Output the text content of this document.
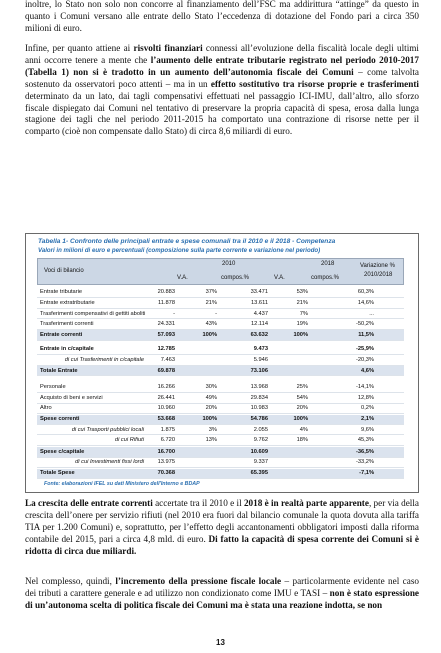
inoltre, lo Stato non solo non concorre al finanziamento dell’FSC ma addirittura “attinge” da questo in quanto i Comuni versano alle entrate dello Stato l’eccedenza di dotazione del Fondo pari a circa 350 milioni di euro.

Infine, per quanto attiene ai risvolti finanziari connessi all’evoluzione della fiscalità locale degli ultimi anni occorre tenere a mente che l’aumento delle entrate tributarie registrato nel periodo 2010-2017 (Tabella 1) non si è tradotto in un aumento dell’autonomia fiscale dei Comuni – come talvolta sostenuto da osservatori poco attenti – ma in un effetto sostitutivo tra risorse proprie e trasferimenti determinato da un lato, dai tagli compensativi effettuati nel passaggio ICI-IMU, dall’altro, allo sforzo fiscale dispiegato dai Comuni nel tentativo di preservare la propria capacità di spesa, erosa dalla lunga stagione dei tagli che nel periodo 2011-2015 ha comportato una contrazione di risorse nette per il comparto (cioè non compensate dallo Stato) di circa 8,6 miliardi di euro.

Tabella 1- Confronto delle principali entrate e spese comunali tra il 2010 e il 2018 - Competenza
Valori in milioni di euro e percentuali (composizione sulla parte corrente e variazione nel periodo)
Voci di bilancio
2010	2018
V.A.	compos.%	V.A.	compos.%
Variazione %
2010/2018
Entrate tributarie	20.883	37%	33.471	53%	60,3%
Entrate extratributarie	11.878	21%	13.611	21%	14,6%
Trasferimenti compensativi di gettiti aboliti	-	-	4.437	7%	...
Trasferimenti correnti	24.331	43%	12.114	19%	-50,2%
Entrate correnti	57.093	100%	63.632	100%	11,5%
Entrate in c/capitale	12.785	9.473	-25,9%
di cui Trasferimenti in c/capitale	7.463	5.946	-20,3%
Totale Entrate	69.878	73.106	4,6%
Personale	16.266	30%	13.968	25%	-14,1%
Acquisto di beni e servizi	26.441	49%	29.834	54%	12,8%
Altro	10.960	20%	10.983	20%	0,2%
Spese correnti	53.668	100%	54.786	100%	2,1%
di cui Trasporti pubblici locali	1.875	3%	2.055	4%	9,6%
di cui Rifiuti	6.720	13%	9.762	18%	45,3%
Spese c/capitale	16.700	10.609	-36,5%
di cui Investimenti fissi lordi 13.975	9.337	-33,2%
Totale Spese	70.368	65.395	-7,1%
Fonte: elaborazioni IFEL su dati Ministero dell'Interno e BDAP

La crescita delle entrate correnti accertate tra il 2010 e il 2018 è in realtà parte apparente, per via della crescita dell’onere per servizio rifiuti (nel 2010 era fuori dal bilancio comunale la quota dovuta alla tariffa TIA per 1.200 Comuni) e, soprattutto, per l’effetto degli accantonamenti obbligatori imposti dalla riforma contabile del 2015, pari a circa 4,8 mld. di euro. Di fatto la capacità di spesa corrente dei Comuni si è ridotta di circa due miliardi.

Nel complesso, quindi, l’incremento della pressione fiscale locale – particolarmente evidente nel caso dei tributi a carattere generale e ad utilizzo non condizionato come IMU e TASI – non è stato espressione di un’autonoma scelta di politica fiscale dei Comuni ma è stata una reazione indotta, se non

13
